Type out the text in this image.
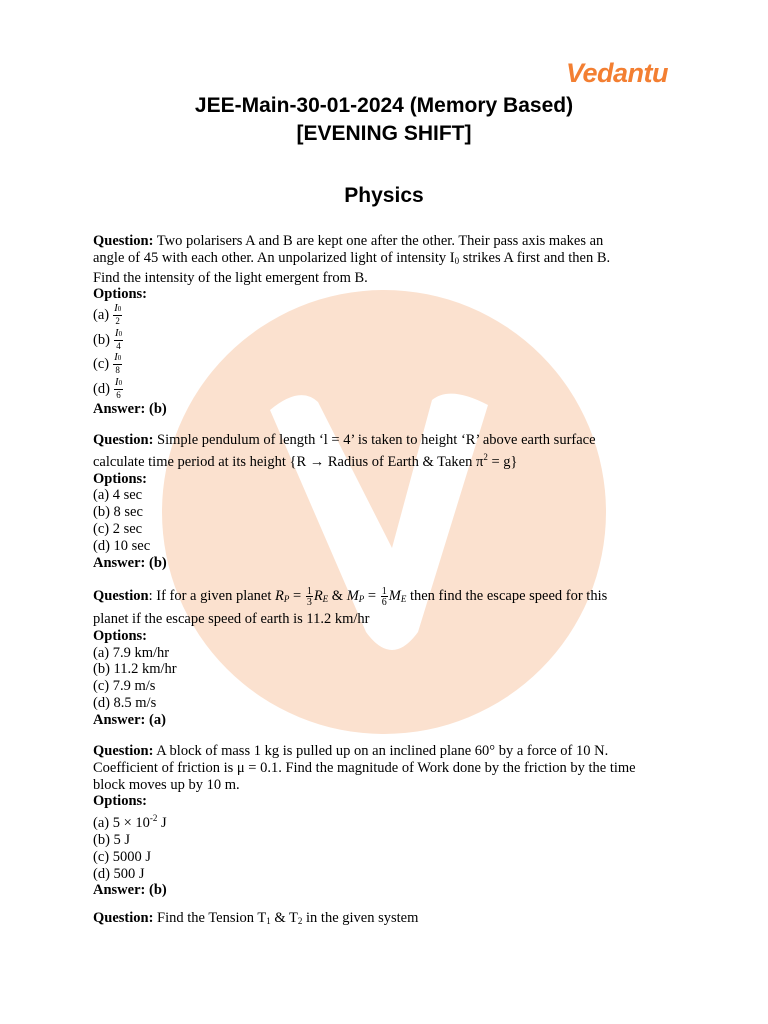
Vedantu
JEE-Main-30-01-2024 (Memory Based)
[EVENING SHIFT]
Physics

Question: Two polarisers A and B are kept one after the other. Their pass axis makes an

angle of 45 with each other. An unpolarized light of intensity $I_0$ strikes A first and then B.

Find the intensity of the light emergent from B.

Options:

$(a) \frac{I0}{2}$
$(b) \frac{I0}{4}$
$(c) \frac{I0}{8}$
$(d) \frac{I0}{6}$

Answer: (b)

Question: Simple pendulum of length ‘l = 4’ is taken to height ‘R’ above earth surface

calculate time period at its height {R → Radius of Earth & Taken $\pi^2 = g$}

Options:

(a) 4 sec

(b) 8 sec

(c) 2 sec

(d) 10 sec

Answer: (b)

Question: If for a given planet $R_P = \frac{1}{3} R_E$ & $M_P = \frac{1}{6} M_E$ then find the escape speed for this

planet if the escape speed of earth is 11.2 km/hr

Options:

(a) 7.9 km/hr

(b) 11.2 km/hr

(c) 7.9 m/s

(d) 8.5 m/s

Answer: (a)

Question: A block of mass 1 kg is pulled up on an inclined plane 60° by a force of 10 N.

Coefficient of friction is μ = 0.1. Find the magnitude of Work done by the friction by the time

block moves up by 10 m.

Options:

(a) $5 \times 10^{-2}$ J

(b) 5 J

(c) 5000 J

(d) 500 J

Answer: (b)

Question: Find the Tension $T_1$ & $T_2$ in the given system
